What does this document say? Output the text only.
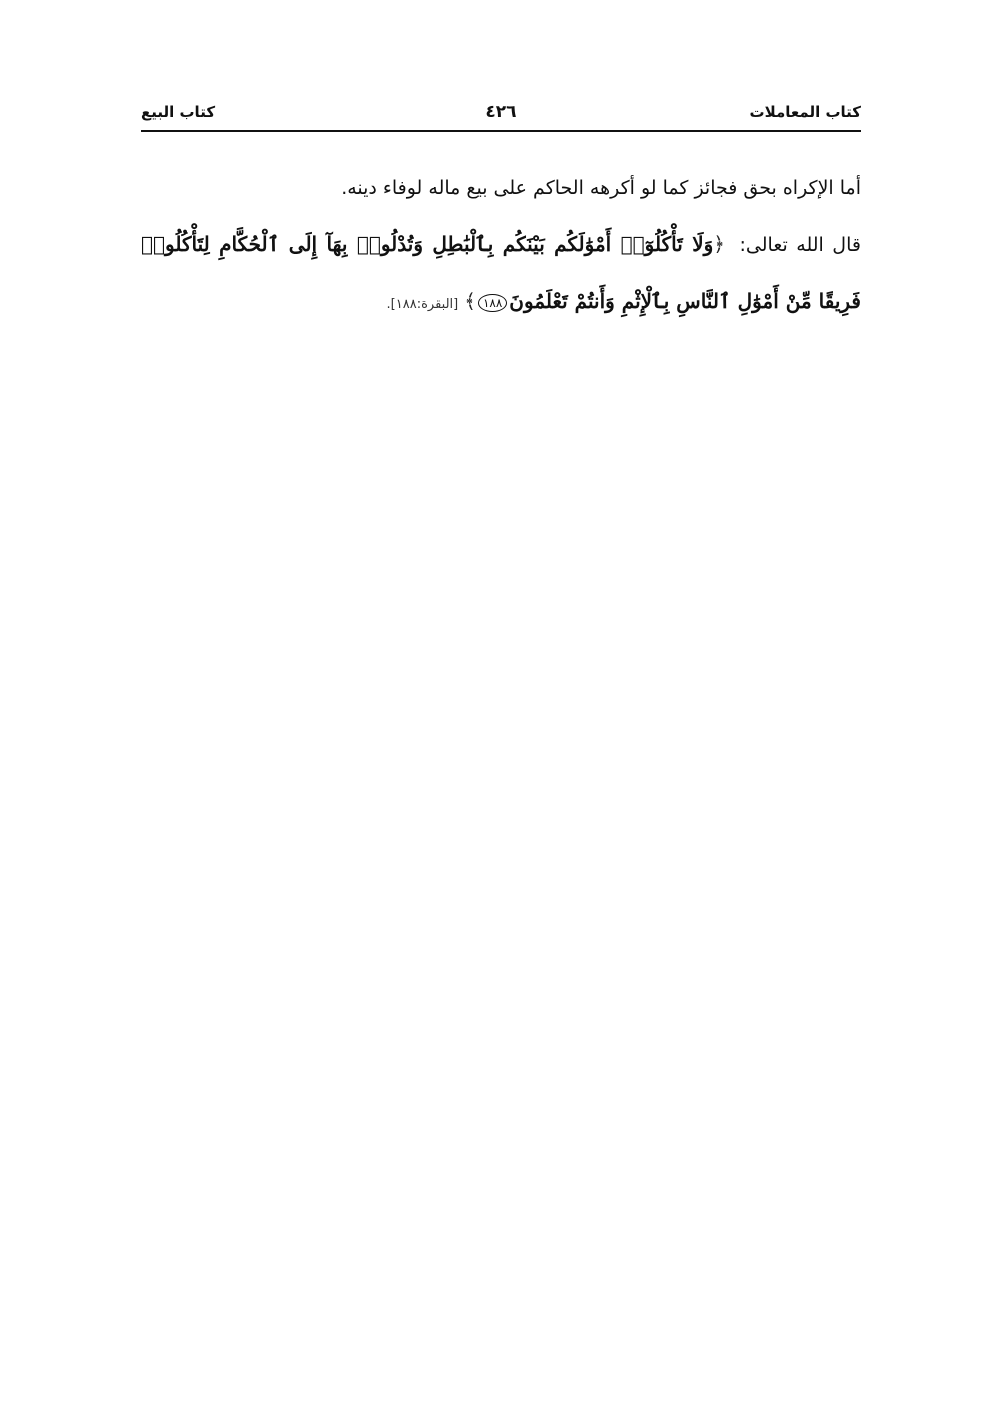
كتاب المعاملات
٤٢٦
كتاب البيع

أما الإكراه بحق فجائز كما لو أكرهه الحاكم على بيع ماله لوفاء دينه.

قال الله تعالى: ﴿وَلَا تَأْكُلُوٓا۟ أَمْوَٰلَكُم بَيْنَكُم بِٱلْبَٰطِلِ وَتُدْلُوا۟ بِهَآ إِلَى ٱلْحُكَّامِ لِتَأْكُلُوا۟ فَرِيقًا مِّنْ أَمْوَٰلِ ٱلنَّاسِ بِٱلْإِثْمِ وَأَنتُمْ تَعْلَمُونَ١٨٨﴾[البقرة:١٨٨].
